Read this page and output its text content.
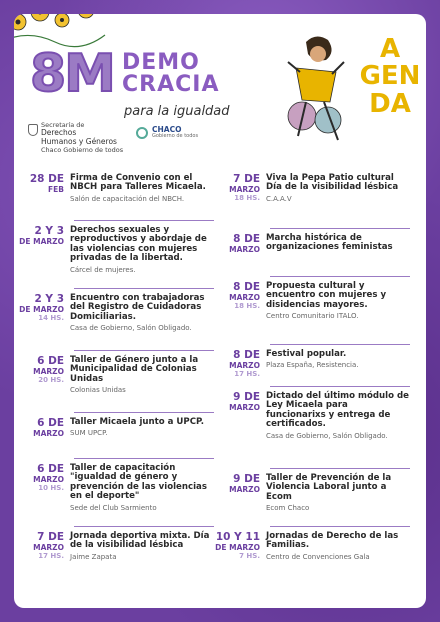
8M DEMO
CRACIA
para la igualdad
Secretaría de
Derechos
Humanos y Géneros
Chaco Gobierno de todos
CHACO
Gobierno de todos
A
GEN
DA
28 DE
FEB
Firma de Convenio con el NBCH para Talleres Micaela.
Salón de capacitación del NBCH.
2 Y 3
DE MARZO
Derechos sexuales y reproductivos y abordaje de las violencias con mujeres privadas de la libertad.
Cárcel de mujeres.
2 Y 3
DE MARZO
14 HS.
Encuentro con trabajadoras del Registro de Cuidadoras Domiciliarias.
Casa de Gobierno, Salón Obligado.
6 DE
MARZO
20 HS.
Taller de Género junto a la Municipalidad de Colonias Unidas
Colonias Unidas
6 DE
MARZO
Taller Micaela junto a UPCP.
SUM UPCP.
6 DE
MARZO
10 HS.
Taller de capacitación "igualdad de género y prevención de las violencias en el deporte"
Sede del Club Sarmiento
7 DE
MARZO
17 HS.
Jornada deportiva mixta. Día de la visibilidad lésbica
Jaime Zapata
7 DE
MARZO
18 HS.
Viva la Pepa Patio cultural Día de la visibilidad lésbica
C.A.A.V
8 DE
MARZO
Marcha histórica de organizaciones feministas
8 DE
MARZO
18 HS.
Propuesta cultural y encuentro con mujeres y disidencias mayores.
Centro Comunitario ITALO.
8 DE
MARZO
17 HS.
Festival popular.
Plaza España, Resistencia.
9 DE
MARZO
Dictado del último módulo de Ley Micaela para funcionarixs y entrega de certificados.
Casa de Gobierno, Salón Obligado.
9 DE
MARZO
Taller de Prevención de la Violencia Laboral junto a Ecom
Ecom Chaco
10 Y 11
DE MARZO
7 HS.
Jornadas de Derecho de las Familias.
Centro de Convenciones Gala
